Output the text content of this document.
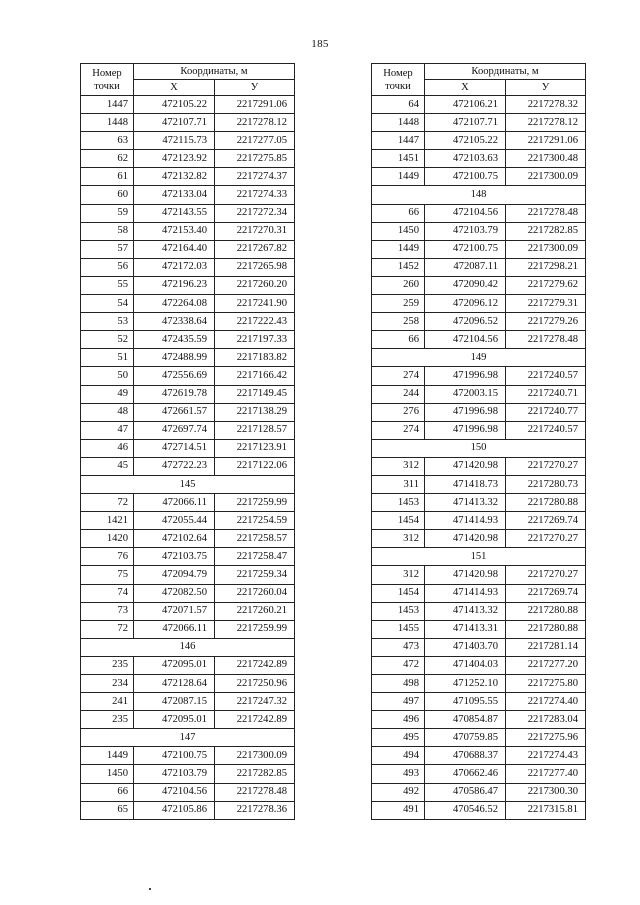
185
Номер
точки	Координаты, м	
	X	У
1447	472105.22	2217291.06
1448	472107.71	2217278.12
63	472115.73	2217277.05
62	472123.92	2217275.85
61	472132.82	2217274.37
60	472133.04	2217274.33
59	472143.55	2217272.34
58	472153.40	2217270.31
57	472164.40	2217267.82
56	472172.03	2217265.98
55	472196.23	2217260.20
54	472264.08	2217241.90
53	472338.64	2217222.43
52	472435.59	2217197.33
51	472488.99	2217183.82
50	472556.69	2217166.42
49	472619.78	2217149.45
48	472661.57	2217138.29
47	472697.74	2217128.57
46	472714.51	2217123.91
45	472722.23	2217122.06
145		
72	472066.11	2217259.99
1421	472055.44	2217254.59
1420	472102.64	2217258.57
76	472103.75	2217258.47
75	472094.79	2217259.34
74	472082.50	2217260.04
73	472071.57	2217260.21
72	472066.11	2217259.99
146		
235	472095.01	2217242.89
234	472128.64	2217250.96
241	472087.15	2217247.32
235	472095.01	2217242.89
147		
1449	472100.75	2217300.09
1450	472103.79	2217282.85
66	472104.56	2217278.48
65	472105.86	2217278.36
Номер
точки	Координаты, м	
	X	У
64	472106.21	2217278.32
1448	472107.71	2217278.12
1447	472105.22	2217291.06
1451	472103.63	2217300.48
1449	472100.75	2217300.09
148		
66	472104.56	2217278.48
1450	472103.79	2217282.85
1449	472100.75	2217300.09
1452	472087.11	2217298.21
260	472090.42	2217279.62
259	472096.12	2217279.31
258	472096.52	2217279.26
66	472104.56	2217278.48
149		
274	471996.98	2217240.57
244	472003.15	2217240.71
276	471996.98	2217240.77
274	471996.98	2217240.57
150		
312	471420.98	2217270.27
311	471418.73	2217280.73
1453	471413.32	2217280.88
1454	471414.93	2217269.74
312	471420.98	2217270.27
151		
312	471420.98	2217270.27
1454	471414.93	2217269.74
1453	471413.32	2217280.88
1455	471413.31	2217280.88
473	471403.70	2217281.14
472	471404.03	2217277.20
498	471252.10	2217275.80
497	471095.55	2217274.40
496	470854.87	2217283.04
495	470759.85	2217275.96
494	470688.37	2217274.43
493	470662.46	2217277.40
492	470586.47	2217300.30
491	470546.52	2217315.81
